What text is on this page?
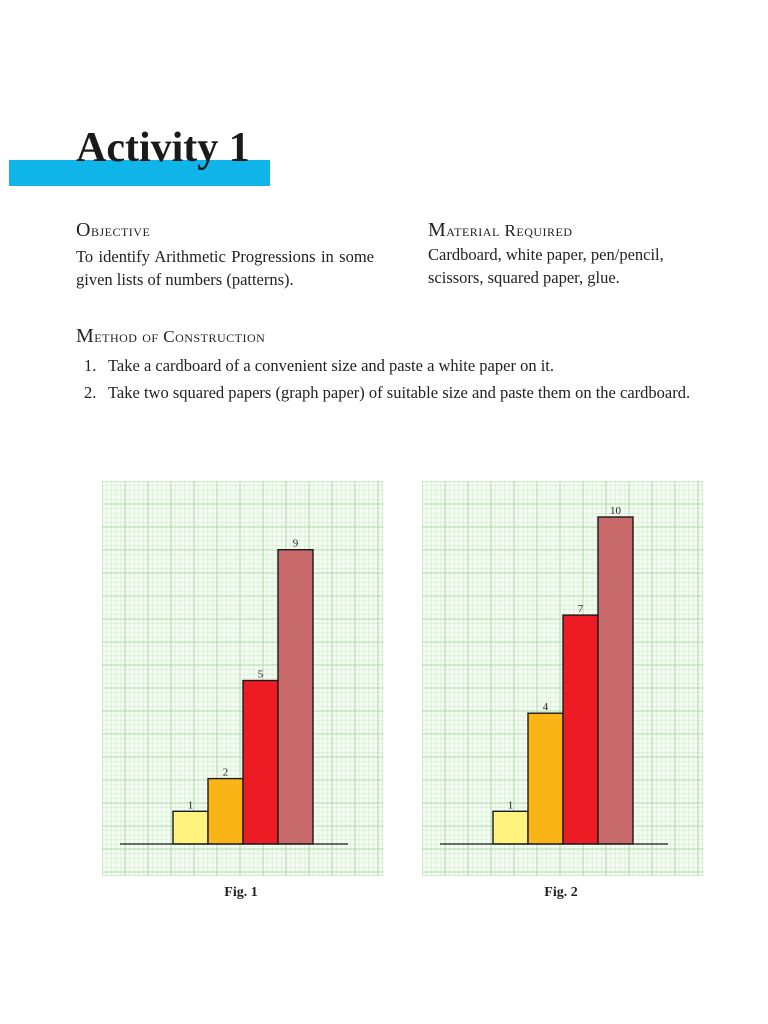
Activity 1
Objective

To identify Arithmetic Progressions in some given lists of numbers (patterns).

Material Required

Cardboard, white paper, pen/pencil, scissors, squared paper, glue.

Method of Construction
1. Take a cardboard of a convenient size and paste a white paper on it.
2. Take two squared papers (graph paper) of suitable size and paste them on the cardboard.
1
2
5
9
1
4
7
10

Fig. 1	Fig. 2
